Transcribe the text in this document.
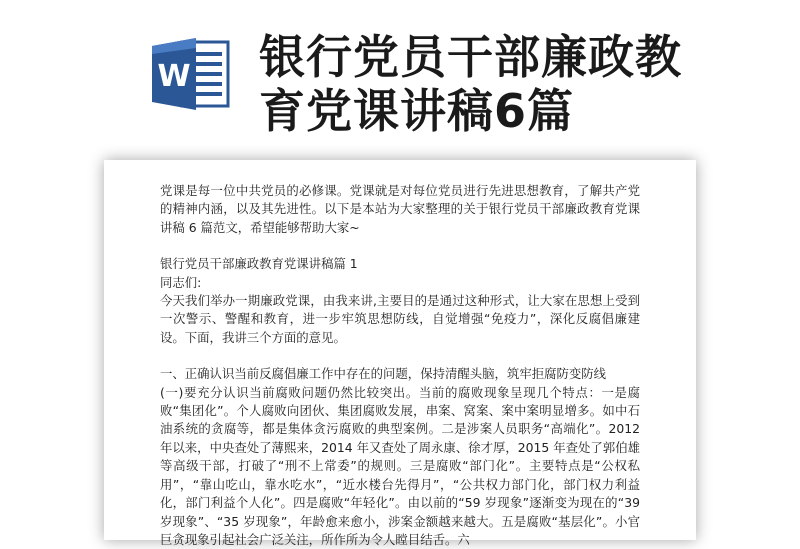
W 银行党员干部廉政教
育党课讲稿6篇

党课是每一位中共党员的必修课。党课就是对每位党员进行先进思想教育，了解共产党的精神内涵，以及其先进性。以下是本站为大家整理的关于银行党员干部廉政教育党课讲稿 6 篇范文，希望能够帮助大家~

银行党员干部廉政教育党课讲稿篇 1

同志们:

今天我们举办一期廉政党课，由我来讲,主要目的是通过这种形式，让大家在思想上受到一次警示、警醒和教育，进一步牢筑思想防线，自觉增强“免疫力”，深化反腐倡廉建设。下面，我讲三个方面的意见。

一、正确认识当前反腐倡廉工作中存在的问题，保持清醒头脑，筑牢拒腐防变防线

(一)要充分认识当前腐败问题仍然比较突出。当前的腐败现象呈现几个特点：一是腐败“集团化”。个人腐败向团伙、集团腐败发展，串案、窝案、案中案明显增多。如中石油系统的贪腐等，都是集体贪污腐败的典型案例。二是涉案人员职务“高端化”。2012 年以来，中央查处了薄熙来，2014 年又查处了周永康、徐才厚，2015 年查处了郭伯雄等高级干部，打破了“刑不上常委”的规则。三是腐败“部门化”。主要特点是“公权私用”，“靠山吃山，靠水吃水”，“近水楼台先得月”，“公共权力部门化，部门权力利益化，部门利益个人化”。四是腐败“年轻化”。由以前的“59 岁现象”逐渐变为现在的“39 岁现象”、“35 岁现象”，年龄愈来愈小，涉案金额越来越大。五是腐败“基层化”。小官巨贪现象引起社会广泛关注，所作所为令人瞠目结舌。六
